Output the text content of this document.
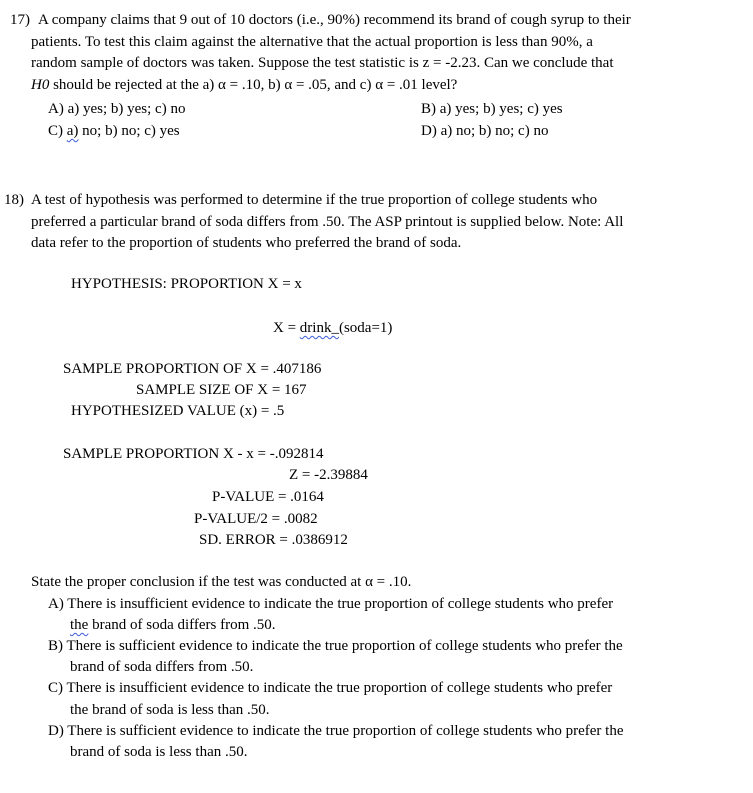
17) A company claims that 9 out of 10 doctors (i.e., 90%) recommend its brand of cough syrup to their
patients. To test this claim against the alternative that the actual proportion is less than 90%, a
random sample of doctors was taken. Suppose the test statistic is z = -2.23. Can we conclude that
H0 should be rejected at the a) α = .10, b) α = .05, and c) α = .01 level?
A) a) yes; b) yes; c) no	B) a) yes; b) yes; c) yes
C) a) no; b) no; c) yes	D) a) no; b) no; c) no
18) A test of hypothesis was performed to determine if the true proportion of college students who
preferred a particular brand of soda differs from .50. The ASP printout is supplied below. Note: All
data refer to the proportion of students who preferred the brand of soda.
HYPOTHESIS: PROPORTION X = x
X = drink_(soda=1)
SAMPLE PROPORTION OF X = .407186
SAMPLE SIZE OF X = 167
HYPOTHESIZED VALUE (x) = .5
SAMPLE PROPORTION X - x = -.092814
Z = -2.39884
P-VALUE = .0164
P-VALUE/2 = .0082
SD. ERROR = .0386912
State the proper conclusion if the test was conducted at α = .10.
A) There is insufficient evidence to indicate the true proportion of college students who prefer
the brand of soda differs from .50.
B) There is sufficient evidence to indicate the true proportion of college students who prefer the
brand of soda differs from .50.
C) There is insufficient evidence to indicate the true proportion of college students who prefer
the brand of soda is less than .50.
D) There is sufficient evidence to indicate the true proportion of college students who prefer the
brand of soda is less than .50.
